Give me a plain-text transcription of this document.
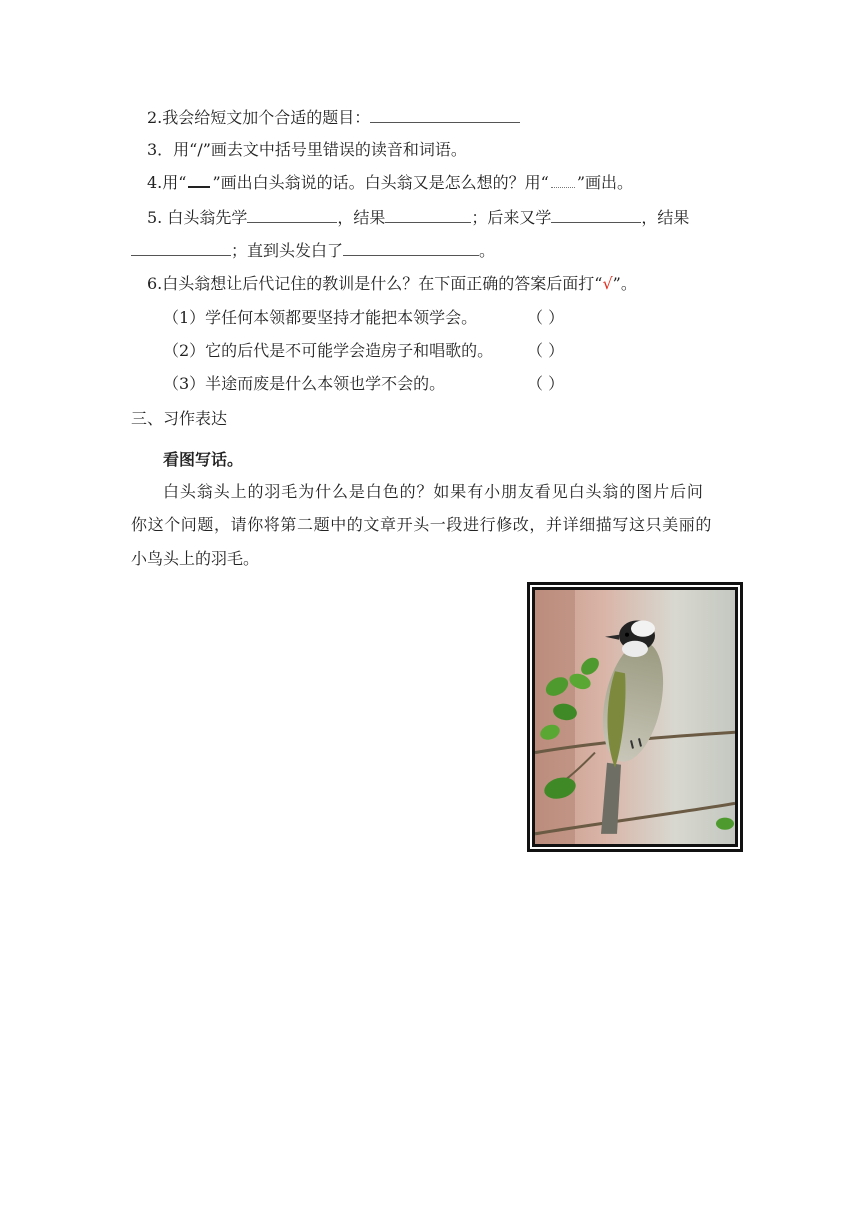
2.我会给短文加个合适的题目：
3．用“/”画去文中括号里错误的读音和词语。
4.用“ ”画出白头翁说的话。白头翁又是怎么想的？用“ ”画出。
5. 白头翁先学	，结果	；后来又学	，结果
；直到头发白了	。
6.白头翁想让后代记住的教训是什么？在下面正确的答案后面打“√”。
（1）学任何本领都要坚持才能把本领学会。	（ ）
（2）它的后代是不可能学会造房子和唱歌的。 （ ）
（3）半途而废是什么本领也学不会的。	（ ）
三、习作表达
看图写话。
白头翁头上的羽毛为什么是白色的？如果有小朋友看见白头翁的图片后问
你这个问题，请你将第二题中的文章开头一段进行修改，并详细描写这只美丽的
小鸟头上的羽毛。
